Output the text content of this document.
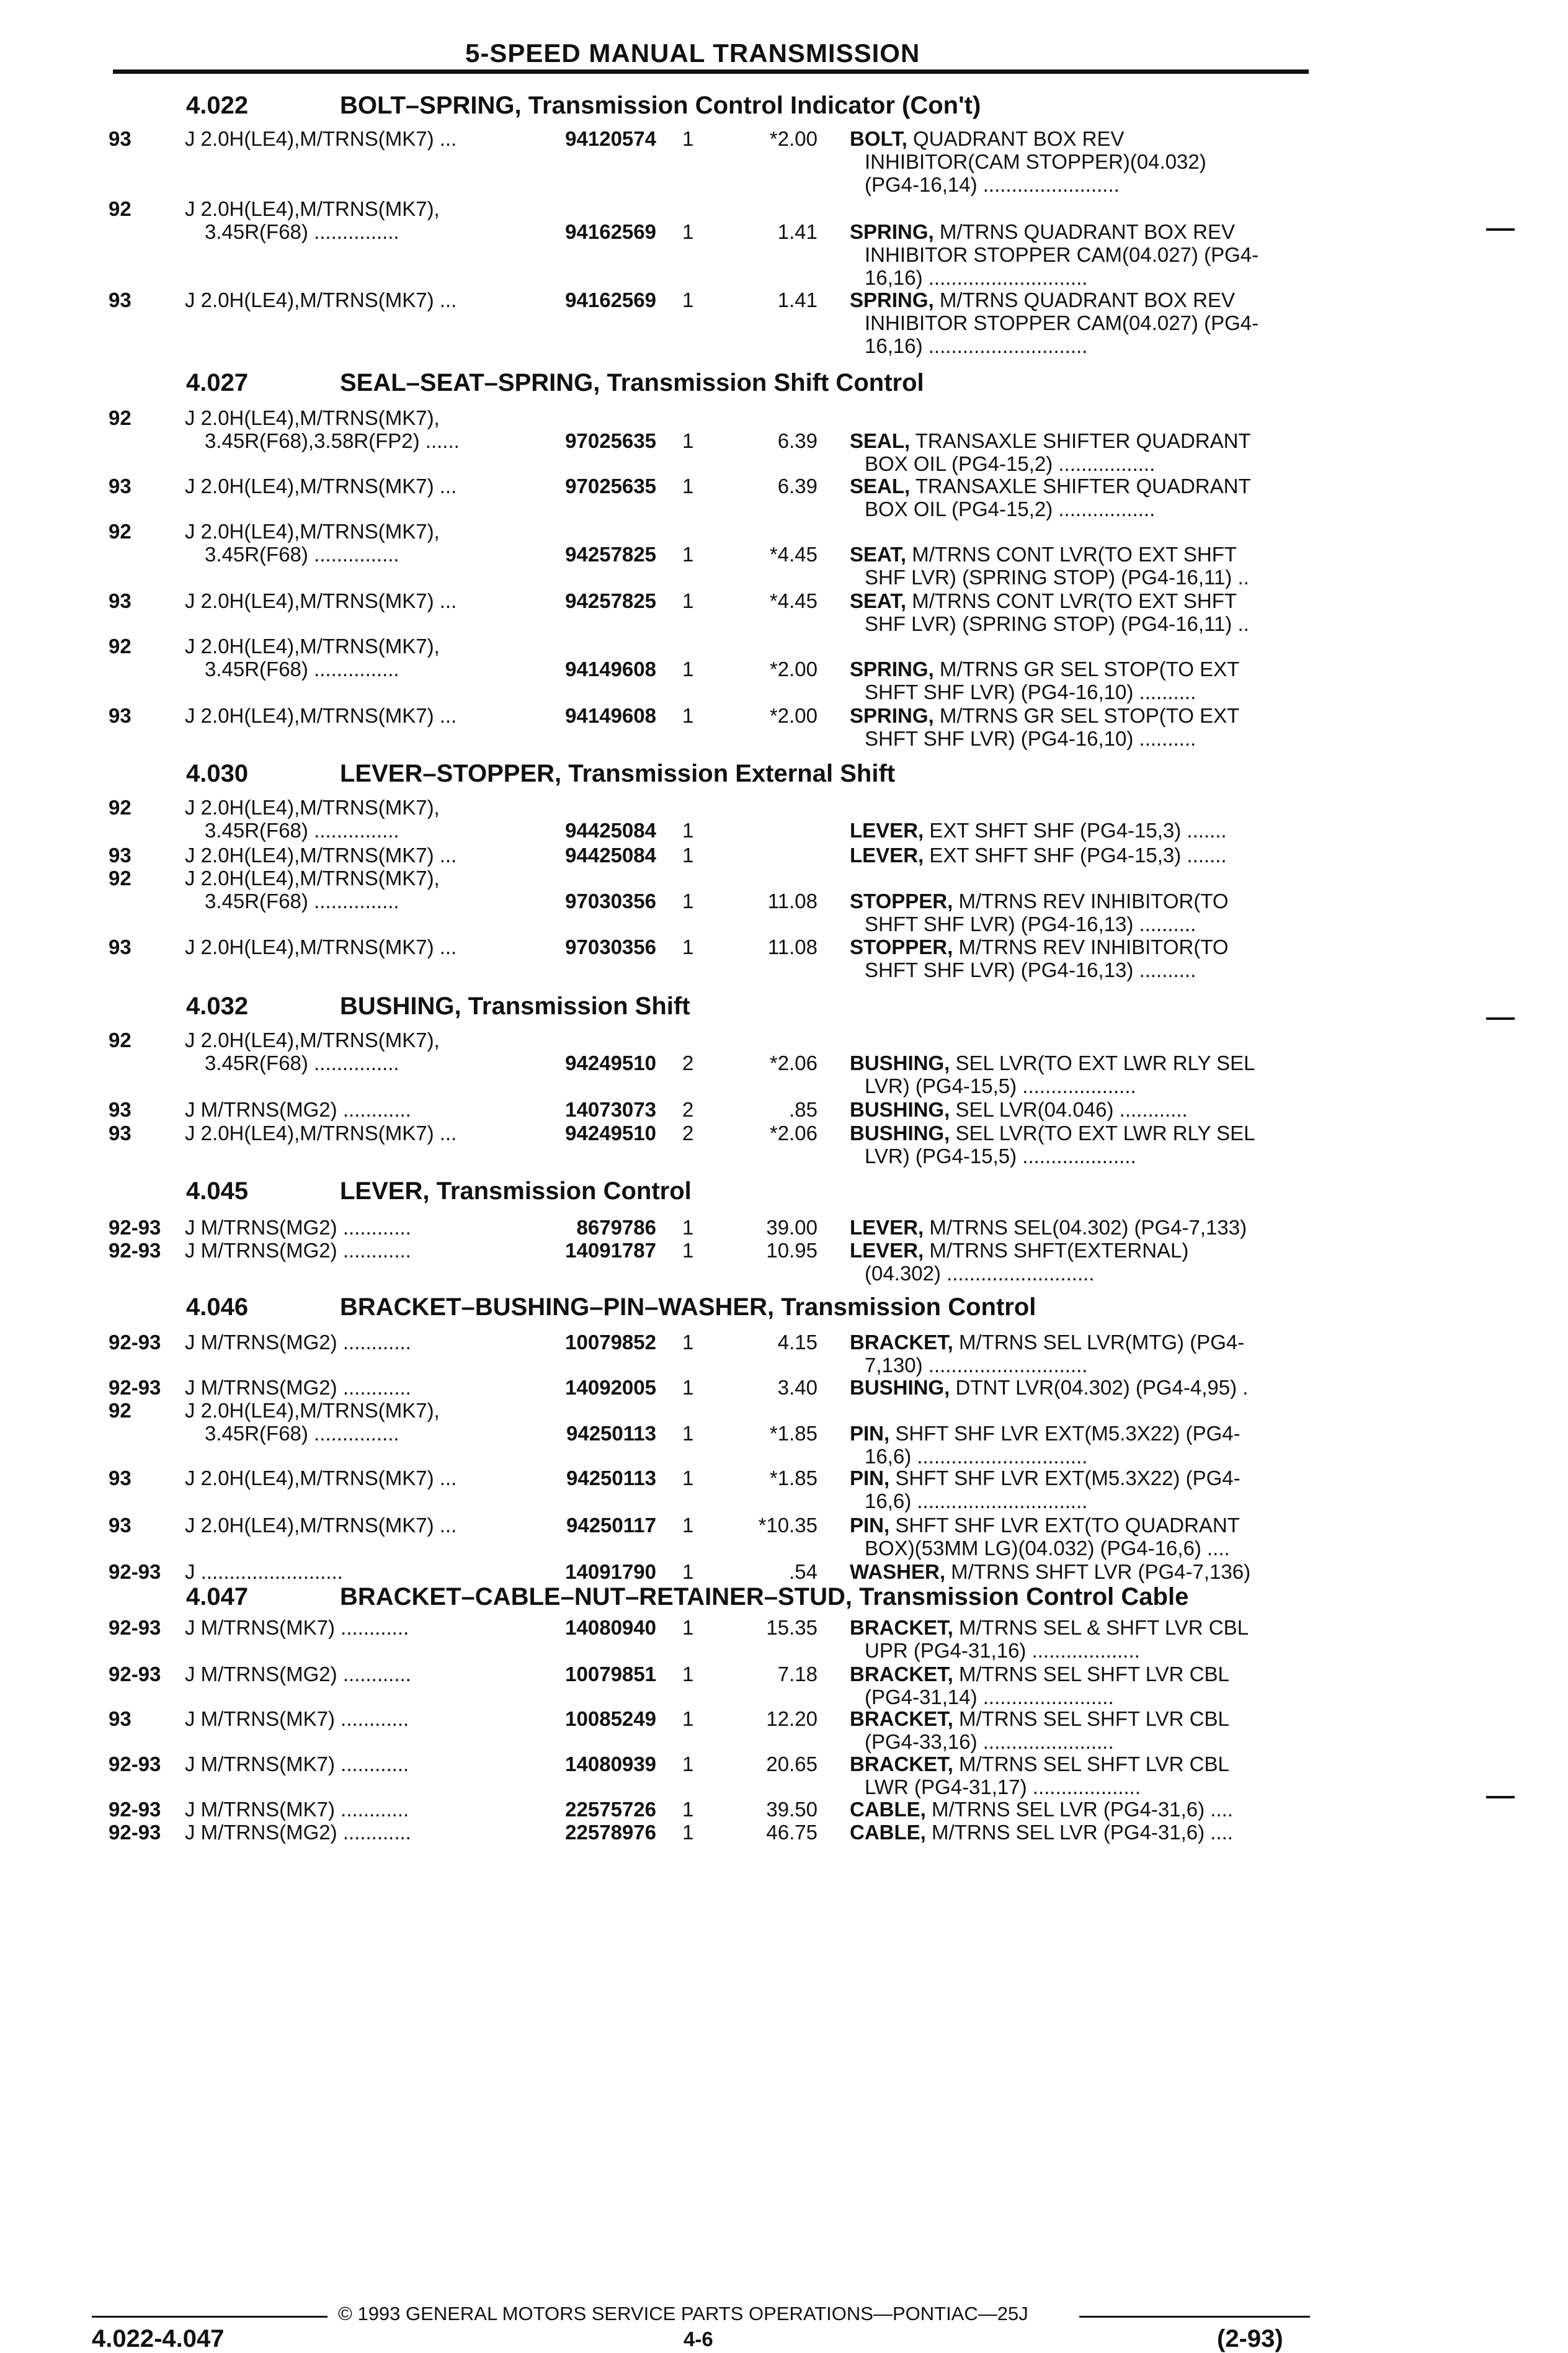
5-SPEED MANUAL TRANSMISSION
4.022	BOLT–SPRING, Transmission Control Indicator (Con't)
93	J 2.0H(LE4),M/TRNS(MK7) ...	94120574 1	*2.00 BOLT, QUADRANT BOX REV
INHIBITOR(CAM STOPPER)(04.032)
(PG4-16,14) ........................
92	J 2.0H(LE4),M/TRNS(MK7),
3.45R(F68) ...............	94162569 1	1.41 SPRING, M/TRNS QUADRANT BOX REV
INHIBITOR STOPPER CAM(04.027) (PG4-
16,16) ............................
93	J 2.0H(LE4),M/TRNS(MK7) ...	94162569 1	1.41 SPRING, M/TRNS QUADRANT BOX REV
INHIBITOR STOPPER CAM(04.027) (PG4-
16,16) ............................
4.027	SEAL–SEAT–SPRING, Transmission Shift Control
92	J 2.0H(LE4),M/TRNS(MK7),
3.45R(F68),3.58R(FP2) ......	97025635 1	6.39 SEAL, TRANSAXLE SHIFTER QUADRANT
BOX OIL (PG4-15,2) .................
93	J 2.0H(LE4),M/TRNS(MK7) ...	97025635 1	6.39 SEAL, TRANSAXLE SHIFTER QUADRANT
BOX OIL (PG4-15,2) .................
92	J 2.0H(LE4),M/TRNS(MK7),
3.45R(F68) ...............	94257825 1	*4.45 SEAT, M/TRNS CONT LVR(TO EXT SHFT
SHF LVR) (SPRING STOP) (PG4-16,11) ..
93	J 2.0H(LE4),M/TRNS(MK7) ...	94257825 1	*4.45 SEAT, M/TRNS CONT LVR(TO EXT SHFT
SHF LVR) (SPRING STOP) (PG4-16,11) ..
92	J 2.0H(LE4),M/TRNS(MK7),
3.45R(F68) ...............	94149608 1	*2.00 SPRING, M/TRNS GR SEL STOP(TO EXT
SHFT SHF LVR) (PG4-16,10) ..........
93	J 2.0H(LE4),M/TRNS(MK7) ...	94149608 1	*2.00 SPRING, M/TRNS GR SEL STOP(TO EXT
SHFT SHF LVR) (PG4-16,10) ..........
4.030	LEVER–STOPPER, Transmission External Shift
92	J 2.0H(LE4),M/TRNS(MK7),
3.45R(F68) ...............	94425084 1	LEVER, EXT SHFT SHF (PG4-15,3) .......
93	J 2.0H(LE4),M/TRNS(MK7) ...	94425084 1	LEVER, EXT SHFT SHF (PG4-15,3) .......
92	J 2.0H(LE4),M/TRNS(MK7),
3.45R(F68) ...............	97030356 1	11.08 STOPPER, M/TRNS REV INHIBITOR(TO
SHFT SHF LVR) (PG4-16,13) ..........
93	J 2.0H(LE4),M/TRNS(MK7) ...	97030356 1	11.08 STOPPER, M/TRNS REV INHIBITOR(TO
SHFT SHF LVR) (PG4-16,13) ..........
4.032	BUSHING, Transmission Shift
92	J 2.0H(LE4),M/TRNS(MK7),
3.45R(F68) ...............	94249510 2	*2.06 BUSHING, SEL LVR(TO EXT LWR RLY SEL
LVR) (PG4-15,5) ....................
93	J M/TRNS(MG2) ............	14073073 2	.85 BUSHING, SEL LVR(04.046) ............
93	J 2.0H(LE4),M/TRNS(MK7) ...	94249510 2	*2.06 BUSHING, SEL LVR(TO EXT LWR RLY SEL
LVR) (PG4-15,5) ....................
4.045	LEVER, Transmission Control
92-93	J M/TRNS(MG2) ............	8679786 1	39.00 LEVER, M/TRNS SEL(04.302) (PG4-7,133)
92-93	J M/TRNS(MG2) ............	14091787 1	10.95 LEVER, M/TRNS SHFT(EXTERNAL)
(04.302) ..........................
4.046	BRACKET–BUSHING–PIN–WASHER, Transmission Control
92-93	J M/TRNS(MG2) ............	10079852 1	4.15 BRACKET, M/TRNS SEL LVR(MTG) (PG4-
7,130) ............................
92-93	J M/TRNS(MG2) ............	14092005 1	3.40 BUSHING, DTNT LVR(04.302) (PG4-4,95) .
92	J 2.0H(LE4),M/TRNS(MK7),
3.45R(F68) ...............	94250113 1	*1.85 PIN, SHFT SHF LVR EXT(M5.3X22) (PG4-
16,6) ..............................
93	J 2.0H(LE4),M/TRNS(MK7) ...	94250113 1	*1.85 PIN, SHFT SHF LVR EXT(M5.3X22) (PG4-
16,6) ..............................
93	J 2.0H(LE4),M/TRNS(MK7) ...	94250117 1	*10.35 PIN, SHFT SHF LVR EXT(TO QUADRANT
BOX)(53MM LG)(04.032) (PG4-16,6) ....
92-93	J .........................	14091790 1	.54 WASHER, M/TRNS SHFT LVR (PG4-7,136)
4.047	BRACKET–CABLE–NUT–RETAINER–STUD, Transmission Control Cable
92-93	J M/TRNS(MK7) ............	14080940 1	15.35 BRACKET, M/TRNS SEL & SHFT LVR CBL
UPR (PG4-31,16) ...................
92-93	J M/TRNS(MG2) ............	10079851 1	7.18 BRACKET, M/TRNS SEL SHFT LVR CBL
(PG4-31,14) .......................
93	J M/TRNS(MK7) ............	10085249 1	12.20 BRACKET, M/TRNS SEL SHFT LVR CBL
(PG4-33,16) .......................
92-93	J M/TRNS(MK7) ............	14080939 1	20.65 BRACKET, M/TRNS SEL SHFT LVR CBL
LWR (PG4-31,17) ...................
92-93	J M/TRNS(MK7) ............	22575726 1	39.50 CABLE, M/TRNS SEL LVR (PG4-31,6) ....
92-93	J M/TRNS(MG2) ............	22578976 1	46.75 CABLE, M/TRNS SEL LVR (PG4-31,6) ....
© 1993 GENERAL MOTORS SERVICE PARTS OPERATIONS—PONTIAC—25J
4.022-4.047	4-6	(2-93)
